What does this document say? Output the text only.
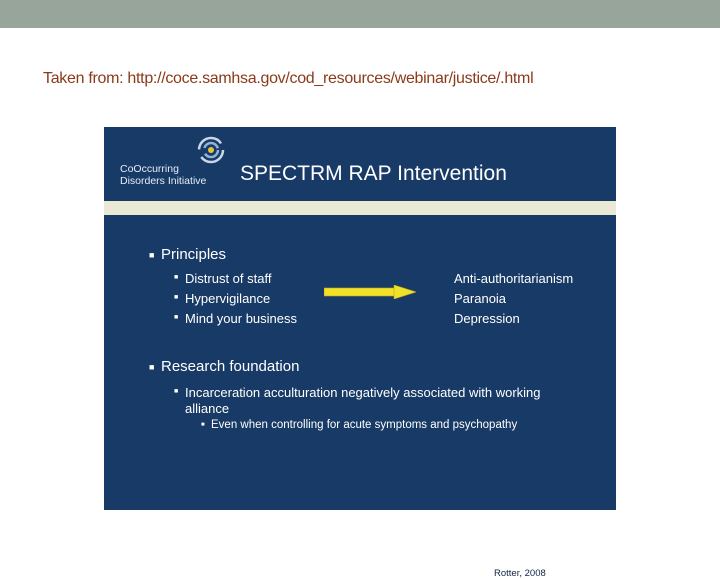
Taken from: http://coce.samhsa.gov/cod_resources/webinar/justice/.html
CoOccurring
Disorders Initiative SPECTRM RAP Intervention
■ Principles
■ Distrust of staff
■ Hypervigilance
■ Mind your business
Anti-authoritarianism
Paranoia
Depression
■ Research foundation
■ Incarceration acculturation negatively associated with working
alliance
■ Even when controlling for acute symptoms and psychopathy
Rotter, 2008
